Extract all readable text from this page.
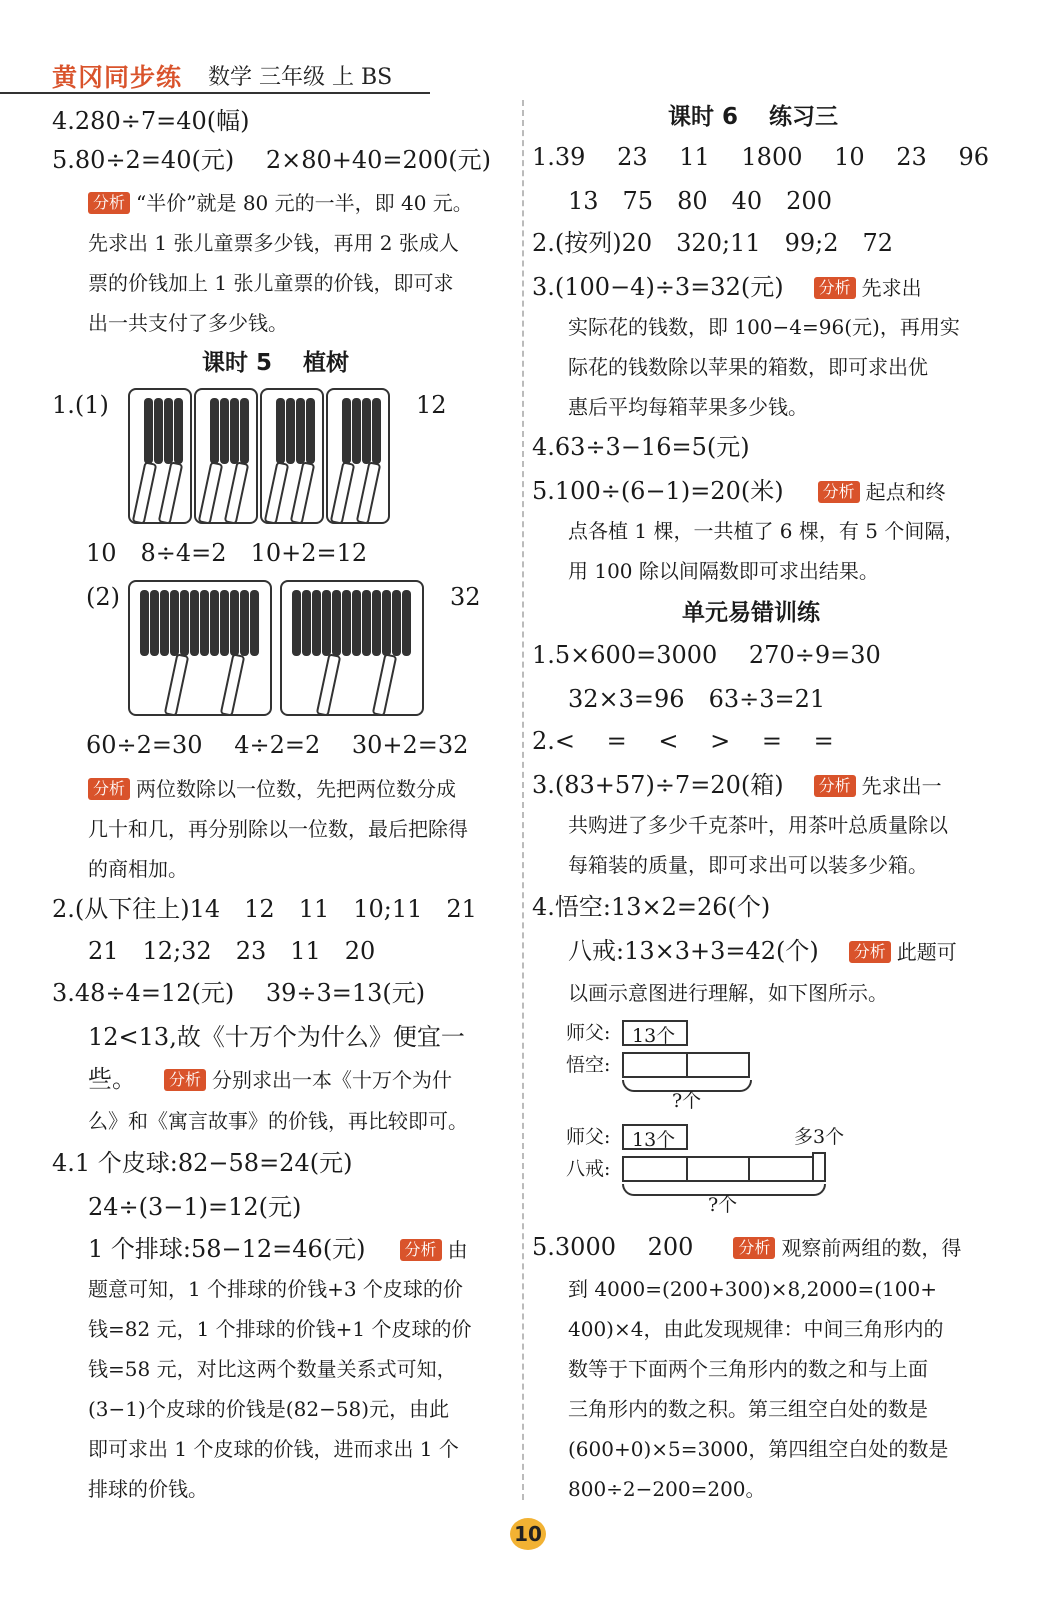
黄冈同步练 数学 三年级 上 BS
4.280÷7=40(幅)
5.80÷2=40(元)　 2×80+40=200(元)
分析 “半价”就是 80 元的一半，即 40 元。
先求出 1 张儿童票多少钱，再用 2 张成人
票的价钱加上 1 张儿童票的价钱，即可求
出一共支付了多少钱。
课时 5　 植树
1.(1)	12
10　8÷4=2　10+2=12
(2)	32
60÷2=30　 4÷2=2　 30+2=32
分析 两位数除以一位数，先把两位数分成
几十和几，再分别除以一位数，最后把除得
的商相加。
2.(从下往上)14　12　11　10;11　21
21　12;32　23　11　20
3.48÷4=12(元)　 39÷3=13(元)
12<13,故《十万个为什么》便宜一
些。 分析 分别求出一本《十万个为什
么》和《寓言故事》的价钱，再比较即可。
4.1 个皮球:82−58=24(元)
24÷(3−1)=12(元)
1 个排球:58−12=46(元) 分析 由
题意可知，1 个排球的价钱+3 个皮球的价
钱=82 元，1 个排球的价钱+1 个皮球的价
钱=58 元，对比这两个数量关系式可知，
(3−1)个皮球的价钱是(82−58)元，由此
即可求出 1 个皮球的价钱，进而求出 1 个
排球的价钱。
课时 6　 练习三
1.39　 23　 11　 1800　 10　 23　 96
13　75　80　40　200
2.(按列)20　320;11　99;2　72
3.(100−4)÷3=32(元) 分析 先求出
实际花的钱数，即 100−4=96(元)，再用实
际花的钱数除以苹果的箱数，即可求出优
惠后平均每箱苹果多少钱。
4.63÷3−16=5(元)
5.100÷(6−1)=20(米) 分析 起点和终
点各植 1 棵，一共植了 6 棵，有 5 个间隔，
用 100 除以间隔数即可求出结果。
单元易错训练
1.5×600=3000　 270÷9=30
32×3=96　63÷3=21
2.<　 =　 <　 >　 =　 =
3.(83+57)÷7=20(箱) 分析 先求出一
共购进了多少千克茶叶，用茶叶总质量除以
每箱装的质量，即可求出可以装多少箱。
4.悟空:13×2=26(个)
八戒:13×3+3=42(个) 分析 此题可
以画示意图进行理解，如下图所示。
师父: 13个
悟空:
?个
师父: 13个	多3个
八戒:
?个
5.3000　 200	分析 观察前两组的数，得
到 4000=(200+300)×8,2000=(100+
400)×4，由此发现规律：中间三角形内的
数等于下面两个三角形内的数之和与上面
三角形内的数之积。第三组空白处的数是
(600+0)×5=3000，第四组空白处的数是
800÷2−200=200。
10
